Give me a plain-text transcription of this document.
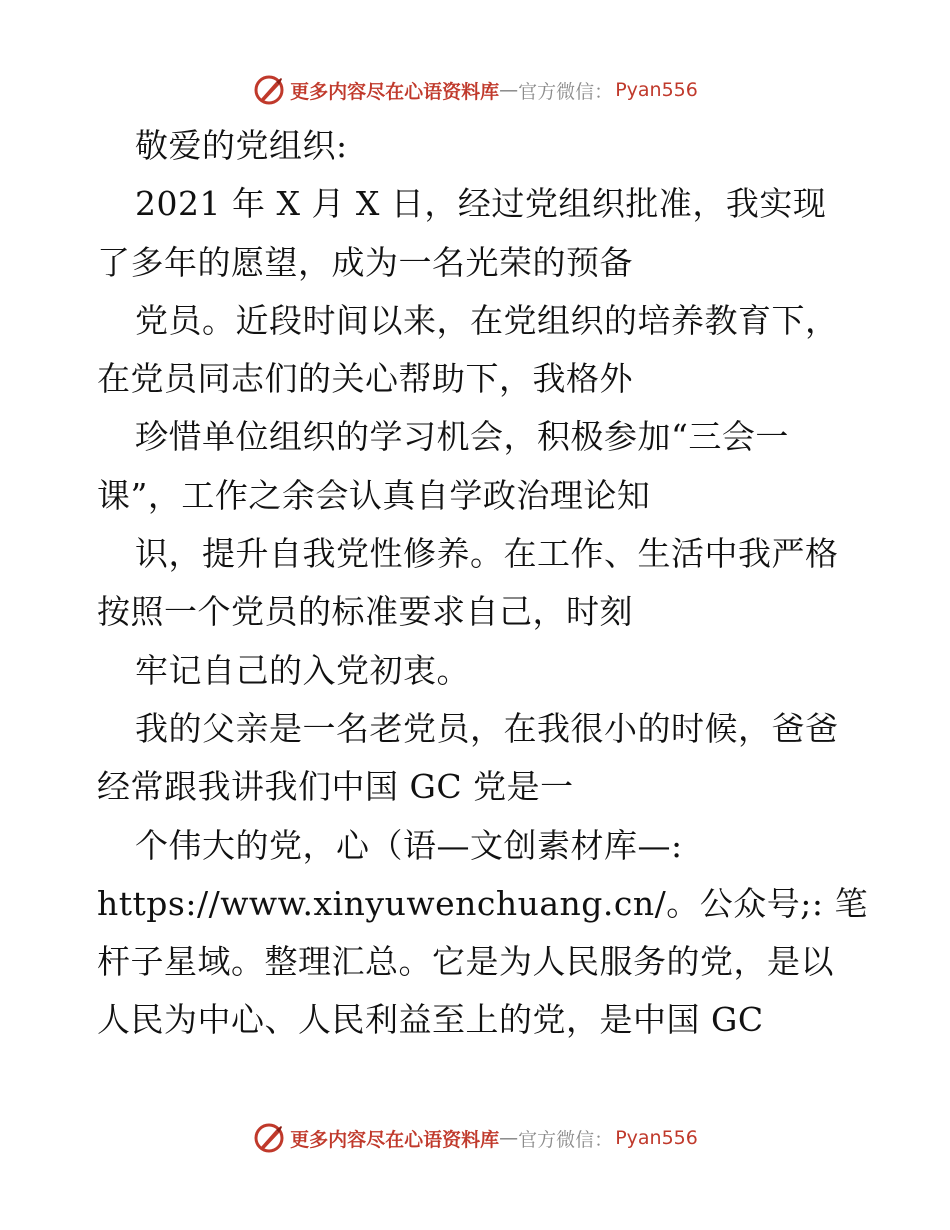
更多内容尽在心语资料库 — 官方微信： Pyan556
敬爱的党组织:
2021 年 X 月 X 日，经过党组织批准，我实现
了多年的愿望，成为一名光荣的预备
党员。近段时间以来，在党组织的培养教育下，
在党员同志们的关心帮助下，我格外
珍惜单位组织的学习机会，积极参加“三会一
课”，工作之余会认真自学政治理论知
识，提升自我党性修养。在工作、生活中我严格
按照一个党员的标准要求自己，时刻
牢记自己的入党初衷。
我的父亲是一名老党员，在我很小的时候，爸爸
经常跟我讲我们中国 GC 党是一
个伟大的党，心（语—文创素材库—:
https://www.xinyuwenchuang.cn/。公众号;: 笔
杆子星域。整理汇总。它是为人民服务的党，是以
人民为中心、人民利益至上的党，是中国 GC
更多内容尽在心语资料库 — 官方微信： Pyan556
